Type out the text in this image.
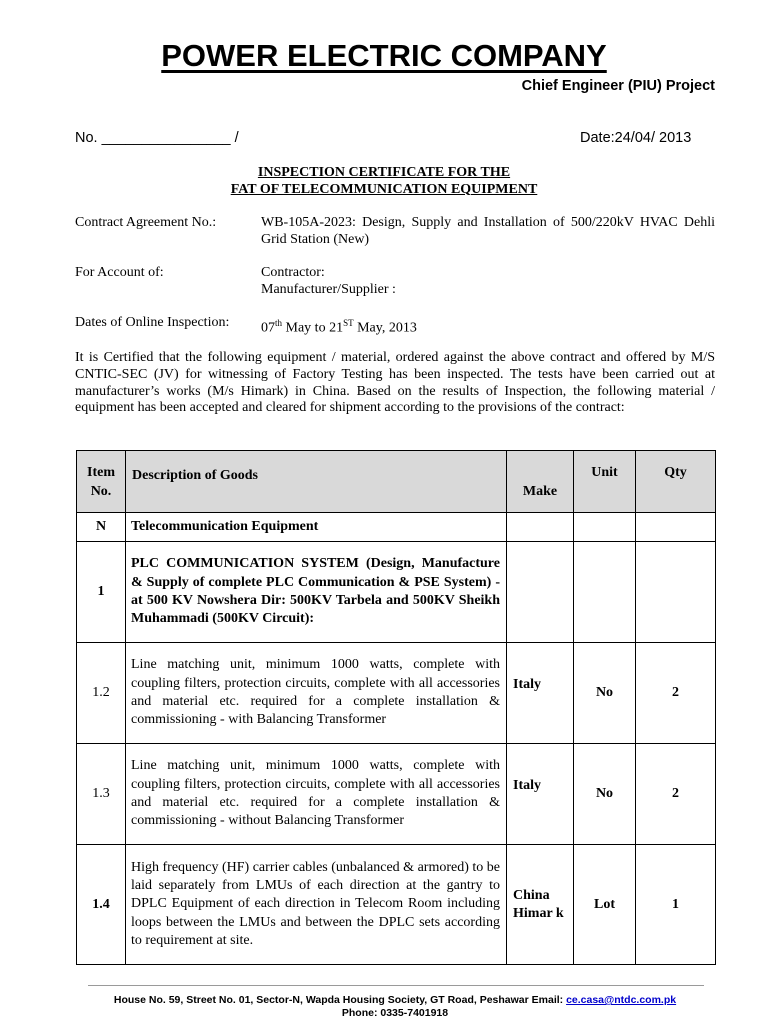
POWER ELECTRIC COMPANY
Chief Engineer (PIU) Project
No. ________________ /	Date:24/04/ 2013
INSPECTION CERTIFICATE FOR THE
FAT OF TELECOMMUNICATION EQUIPMENT
Contract Agreement No.:	WB-105A-2023: Design, Supply and Installation of 500/220kV HVAC Dehli Grid Station (New)
For Account of:	Contractor:
Manufacturer/Supplier :
Dates of Online Inspection: 07th May to 21ST May, 2013
It is Certified that the following equipment / material, ordered against the above contract and offered by M/S CNTIC-SEC (JV) for witnessing of Factory Testing has been inspected. The tests have been carried out at manufacturer’s works (M/s Himark) in China. Based on the results of Inspection, the following material / equipment has been accepted and cleared for shipment according to the provisions of the contract:
Item No.	Description of Goods	Make	Unit	Qty
N	Telecommunication Equipment			
1	PLC COMMUNICATION SYSTEM (Design, Manufacture & Supply of complete PLC Communication & PSE System) - at 500 KV Nowshera Dir: 500KV Tarbela and 500KV Sheikh Muhammadi (500KV Circuit):			
1.2	Line matching unit, minimum 1000 watts, complete with coupling filters, protection circuits, complete with all accessories and material etc. required for a complete installation & commissioning - with Balancing Transformer	Italy	No	2
1.3	Line matching unit, minimum 1000 watts, complete with coupling filters, protection circuits, complete with all accessories and material etc. required for a complete installation & commissioning - without Balancing Transformer	Italy	No	2
1.4	High frequency (HF) carrier cables (unbalanced & armored) to be laid separately from LMUs of each direction at the gantry to DPLC Equipment of each direction in Telecom Room including loops between the LMUs and between the DPLC sets according to requirement at site.	China Himar k	Lot	1
House No. 59, Street No. 01, Sector-N, Wapda Housing Society, GT Road, Peshawar Email: ce.casa@ntdc.com.pk
Phone: 0335-7401918
